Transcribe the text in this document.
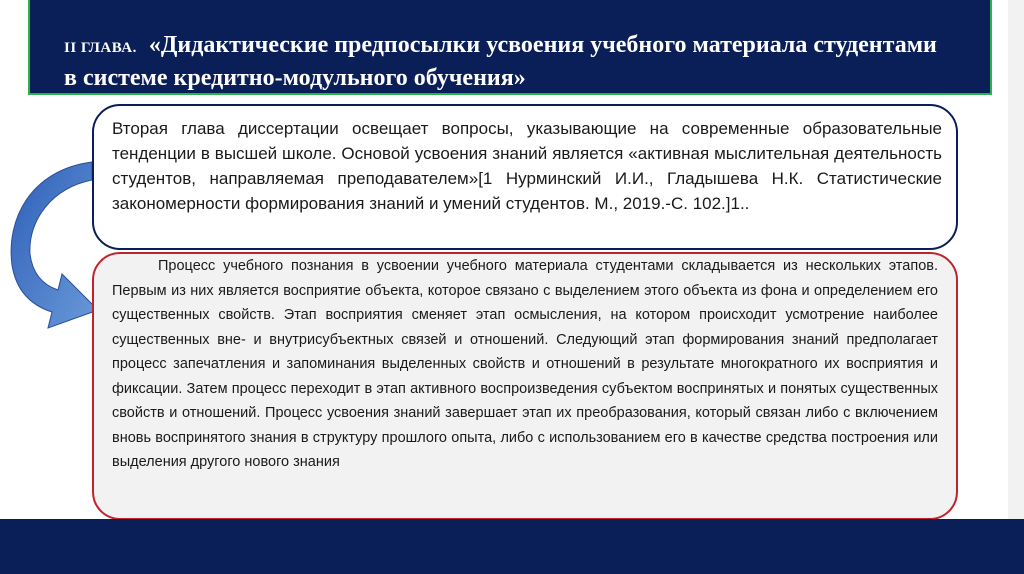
II ГЛАВА. «Дидактические предпосылки усвоения учебного материала студентами в системе кредитно-модульного обучения»
Вторая глава диссертации освещает вопросы, указывающие на современные образовательные тенденции в высшей школе. Основой усвоения знаний является «активная мыслительная деятельность студентов, направляемая преподавателем»[1 Нурминский И.И., Гладышева Н.К. Статистические закономерности формирования знаний и умений студентов. М., 2019.-С. 102.]1..

Процесс учебного познания в усвоении учебного материала студентами складывается из нескольких этапов. Первым из них является восприятие объекта, которое связано с выделением этого объекта из фона и определением его существенных свойств. Этап восприятия сменяет этап осмысления, на котором происходит усмотрение наиболее существенных вне- и внутрисубъектных связей и отношений. Следующий этап формирования знаний предполагает процесс запечатления и запоминания выделенных свойств и отношений в результате многократного их восприятия и фиксации. Затем процесс переходит в этап активного воспроизведения субъектом воспринятых и понятых существенных свойств и отношений. Процесс усвоения знаний завершает этап их преобразования, который связан либо с включением вновь воспринятого знания в структуру прошлого опыта, либо с использованием его в качестве средства построения или выделения другого нового знания
